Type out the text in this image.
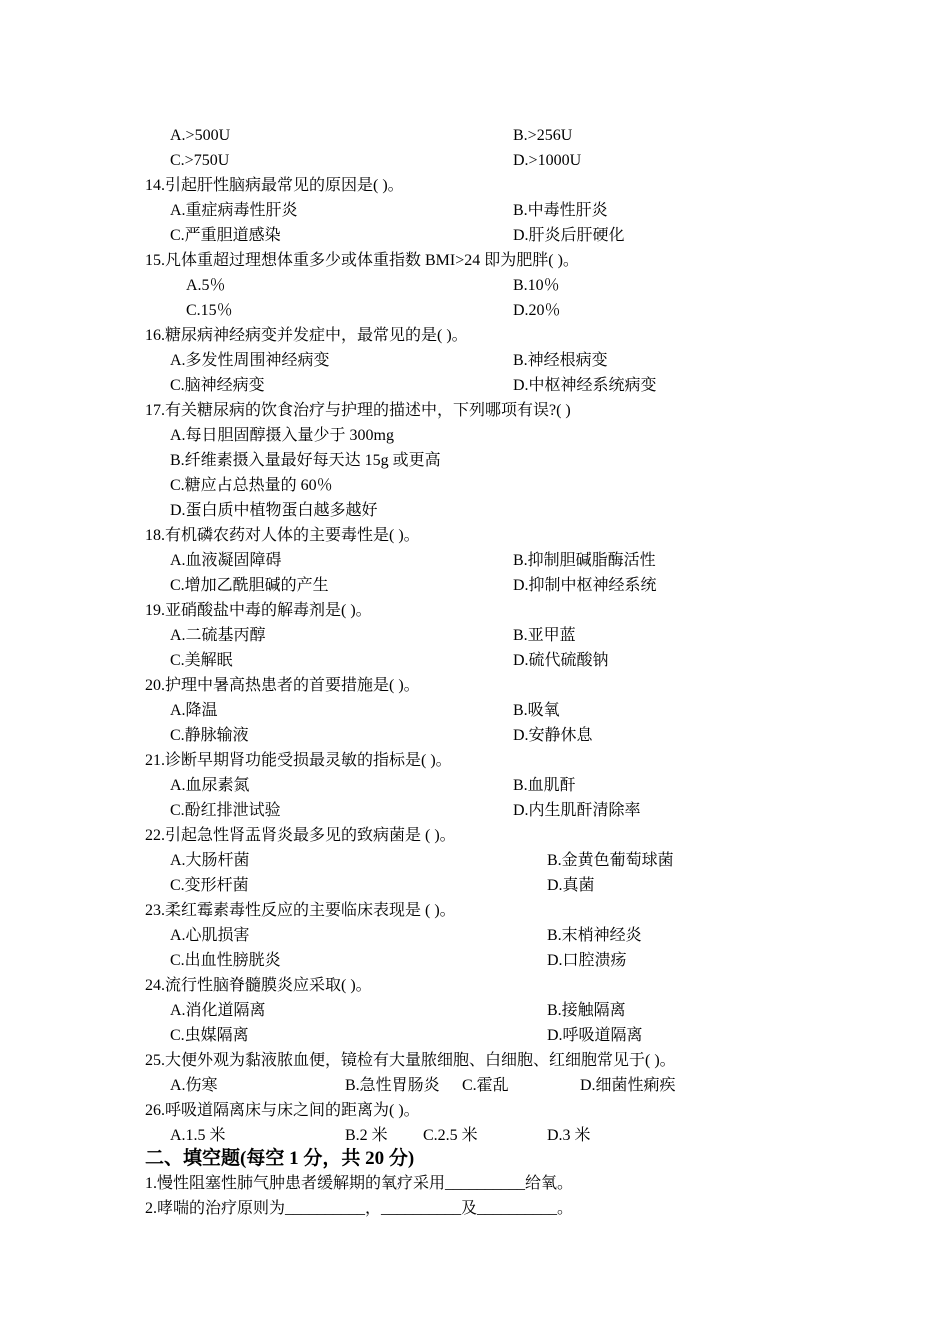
A.>500U	B.>256U
C.>750U	D.>1000U
14.引起肝性脑病最常见的原因是( )。
A.重症病毒性肝炎	B.中毒性肝炎
C.严重胆道感染	D.肝炎后肝硬化
15.凡体重超过理想体重多少或体重指数 BMI>24 即为肥胖( )。
A.5％	B.10％
C.15％	D.20％
16.糖尿病神经病变并发症中，最常见的是( )。
A.多发性周围神经病变	B.神经根病变
C.脑神经病变	D.中枢神经系统病变
17.有关糖尿病的饮食治疗与护理的描述中，下列哪项有误?( )
A.每日胆固醇摄入量少于 300mg
B.纤维素摄入量最好每天达 15g 或更高
C.糖应占总热量的 60％
D.蛋白质中植物蛋白越多越好
18.有机磷农药对人体的主要毒性是( )。
A.血液凝固障碍	B.抑制胆碱脂酶活性
C.增加乙酰胆碱的产生	D.抑制中枢神经系统
19.亚硝酸盐中毒的解毒剂是( )。
A.二硫基丙醇	B.亚甲蓝
C.美解眠	D.硫代硫酸钠
20.护理中暑高热患者的首要措施是( )。
A.降温	B.吸氧
C.静脉输液	D.安静休息
21.诊断早期肾功能受损最灵敏的指标是( )。
A.血尿素氮	B.血肌酐
C.酚红排泄试验	D.内生肌酐清除率
22.引起急性肾盂肾炎最多见的致病菌是 ( )。
A.大肠杆菌	B.金黄色葡萄球菌
C.变形杆菌	D.真菌
23.柔红霉素毒性反应的主要临床表现是 ( )。
A.心肌损害	B.末梢神经炎
C.出血性膀胱炎	D.口腔溃疡
24.流行性脑脊髓膜炎应采取( )。
A.消化道隔离	B.接触隔离
C.虫媒隔离	D.呼吸道隔离
25.大便外观为黏液脓血便，镜检有大量脓细胞、白细胞、红细胞常见于( )。
A.伤寒	B.急性胃肠炎 C.霍乱	D.细菌性痢疾
26.呼吸道隔离床与床之间的距离为( )。
A.1.5 米	B.2 米 C.2.5 米	D.3 米
二、填空题(每空 1 分，共 20 分)
1.慢性阻塞性肺气肿患者缓解期的氧疗采用__________给氧。
2.哮喘的治疗原则为__________，__________及__________。
